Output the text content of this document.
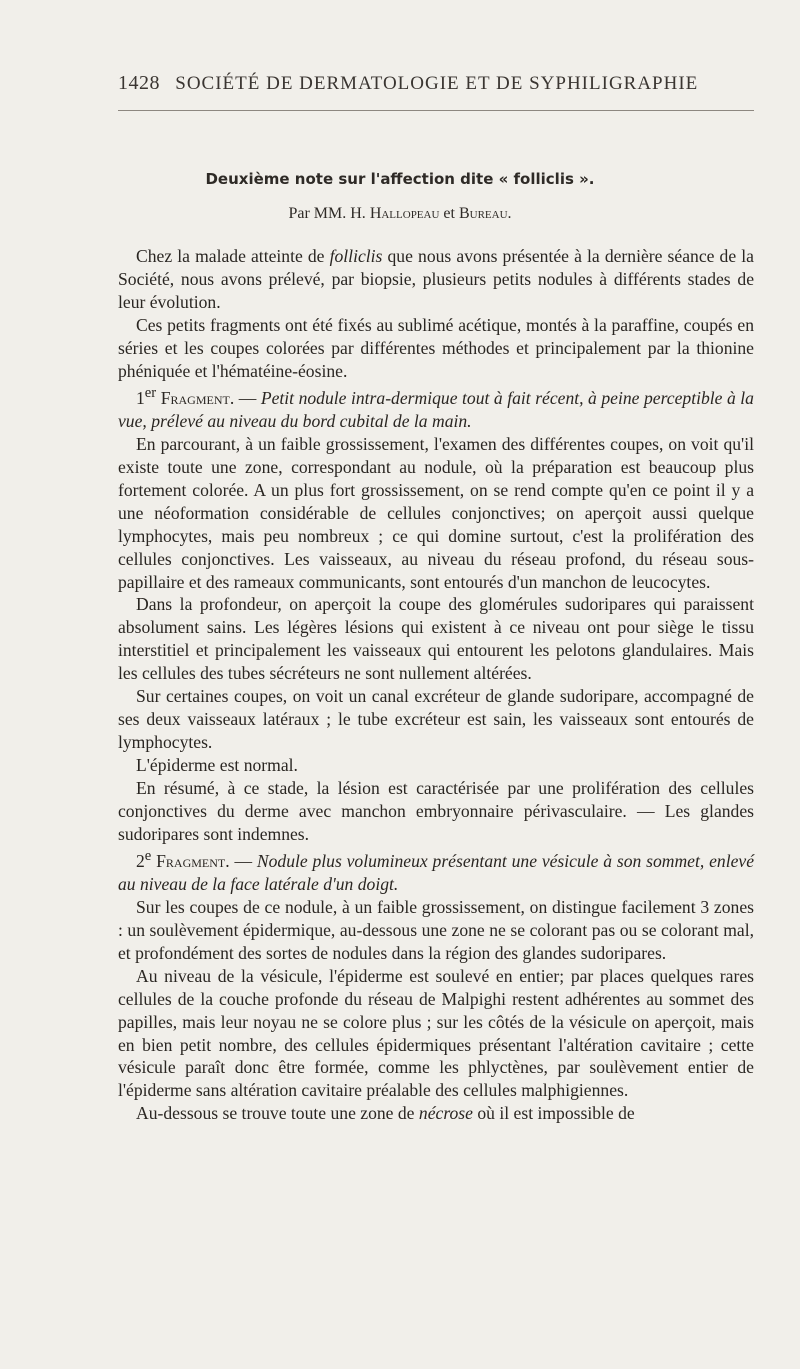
1428 SOCIÉTÉ DE DERMATOLOGIE ET DE SYPHILIGRAPHIE
Deuxième note sur l'affection dite « folliclis ».
Par MM. H. Hallopeau et Bureau.

Chez la malade atteinte de folliclis que nous avons présentée à la dernière séance de la Société, nous avons prélevé, par biopsie, plusieurs petits nodules à différents stades de leur évolution.

Ces petits fragments ont été fixés au sublimé acétique, montés à la paraffine, coupés en séries et les coupes colorées par différentes méthodes et principalement par la thionine phéniquée et l'hématéine-éosine.

1er Fragment. — Petit nodule intra-dermique tout à fait récent, à peine perceptible à la vue, prélevé au niveau du bord cubital de la main.

En parcourant, à un faible grossissement, l'examen des différentes coupes, on voit qu'il existe toute une zone, correspondant au nodule, où la préparation est beaucoup plus fortement colorée. A un plus fort grossissement, on se rend compte qu'en ce point il y a une néoformation considérable de cellules conjonctives; on aperçoit aussi quelque lymphocytes, mais peu nombreux ; ce qui domine surtout, c'est la prolifération des cellules conjonctives. Les vaisseaux, au niveau du réseau profond, du réseau sous-papillaire et des rameaux communicants, sont entourés d'un manchon de leucocytes.

Dans la profondeur, on aperçoit la coupe des glomérules sudoripares qui paraissent absolument sains. Les légères lésions qui existent à ce niveau ont pour siège le tissu interstitiel et principalement les vaisseaux qui entourent les pelotons glandulaires. Mais les cellules des tubes sécréteurs ne sont nullement altérées.

Sur certaines coupes, on voit un canal excréteur de glande sudoripare, accompagné de ses deux vaisseaux latéraux ; le tube excréteur est sain, les vaisseaux sont entourés de lymphocytes.

L'épiderme est normal.

En résumé, à ce stade, la lésion est caractérisée par une prolifération des cellules conjonctives du derme avec manchon embryonnaire périvasculaire. — Les glandes sudoripares sont indemnes.

2e Fragment. — Nodule plus volumineux présentant une vésicule à son sommet, enlevé au niveau de la face latérale d'un doigt.

Sur les coupes de ce nodule, à un faible grossissement, on distingue facilement 3 zones : un soulèvement épidermique, au-dessous une zone ne se colorant pas ou se colorant mal, et profondément des sortes de nodules dans la région des glandes sudoripares.

Au niveau de la vésicule, l'épiderme est soulevé en entier; par places quelques rares cellules de la couche profonde du réseau de Malpighi restent adhérentes au sommet des papilles, mais leur noyau ne se colore plus ; sur les côtés de la vésicule on aperçoit, mais en bien petit nombre, des cellules épidermiques présentant l'altération cavitaire ; cette vésicule paraît donc être formée, comme les phlyctènes, par soulèvement entier de l'épiderme sans altération cavitaire préalable des cellules malphigiennes.

Au-dessous se trouve toute une zone de nécrose où il est impossible de
